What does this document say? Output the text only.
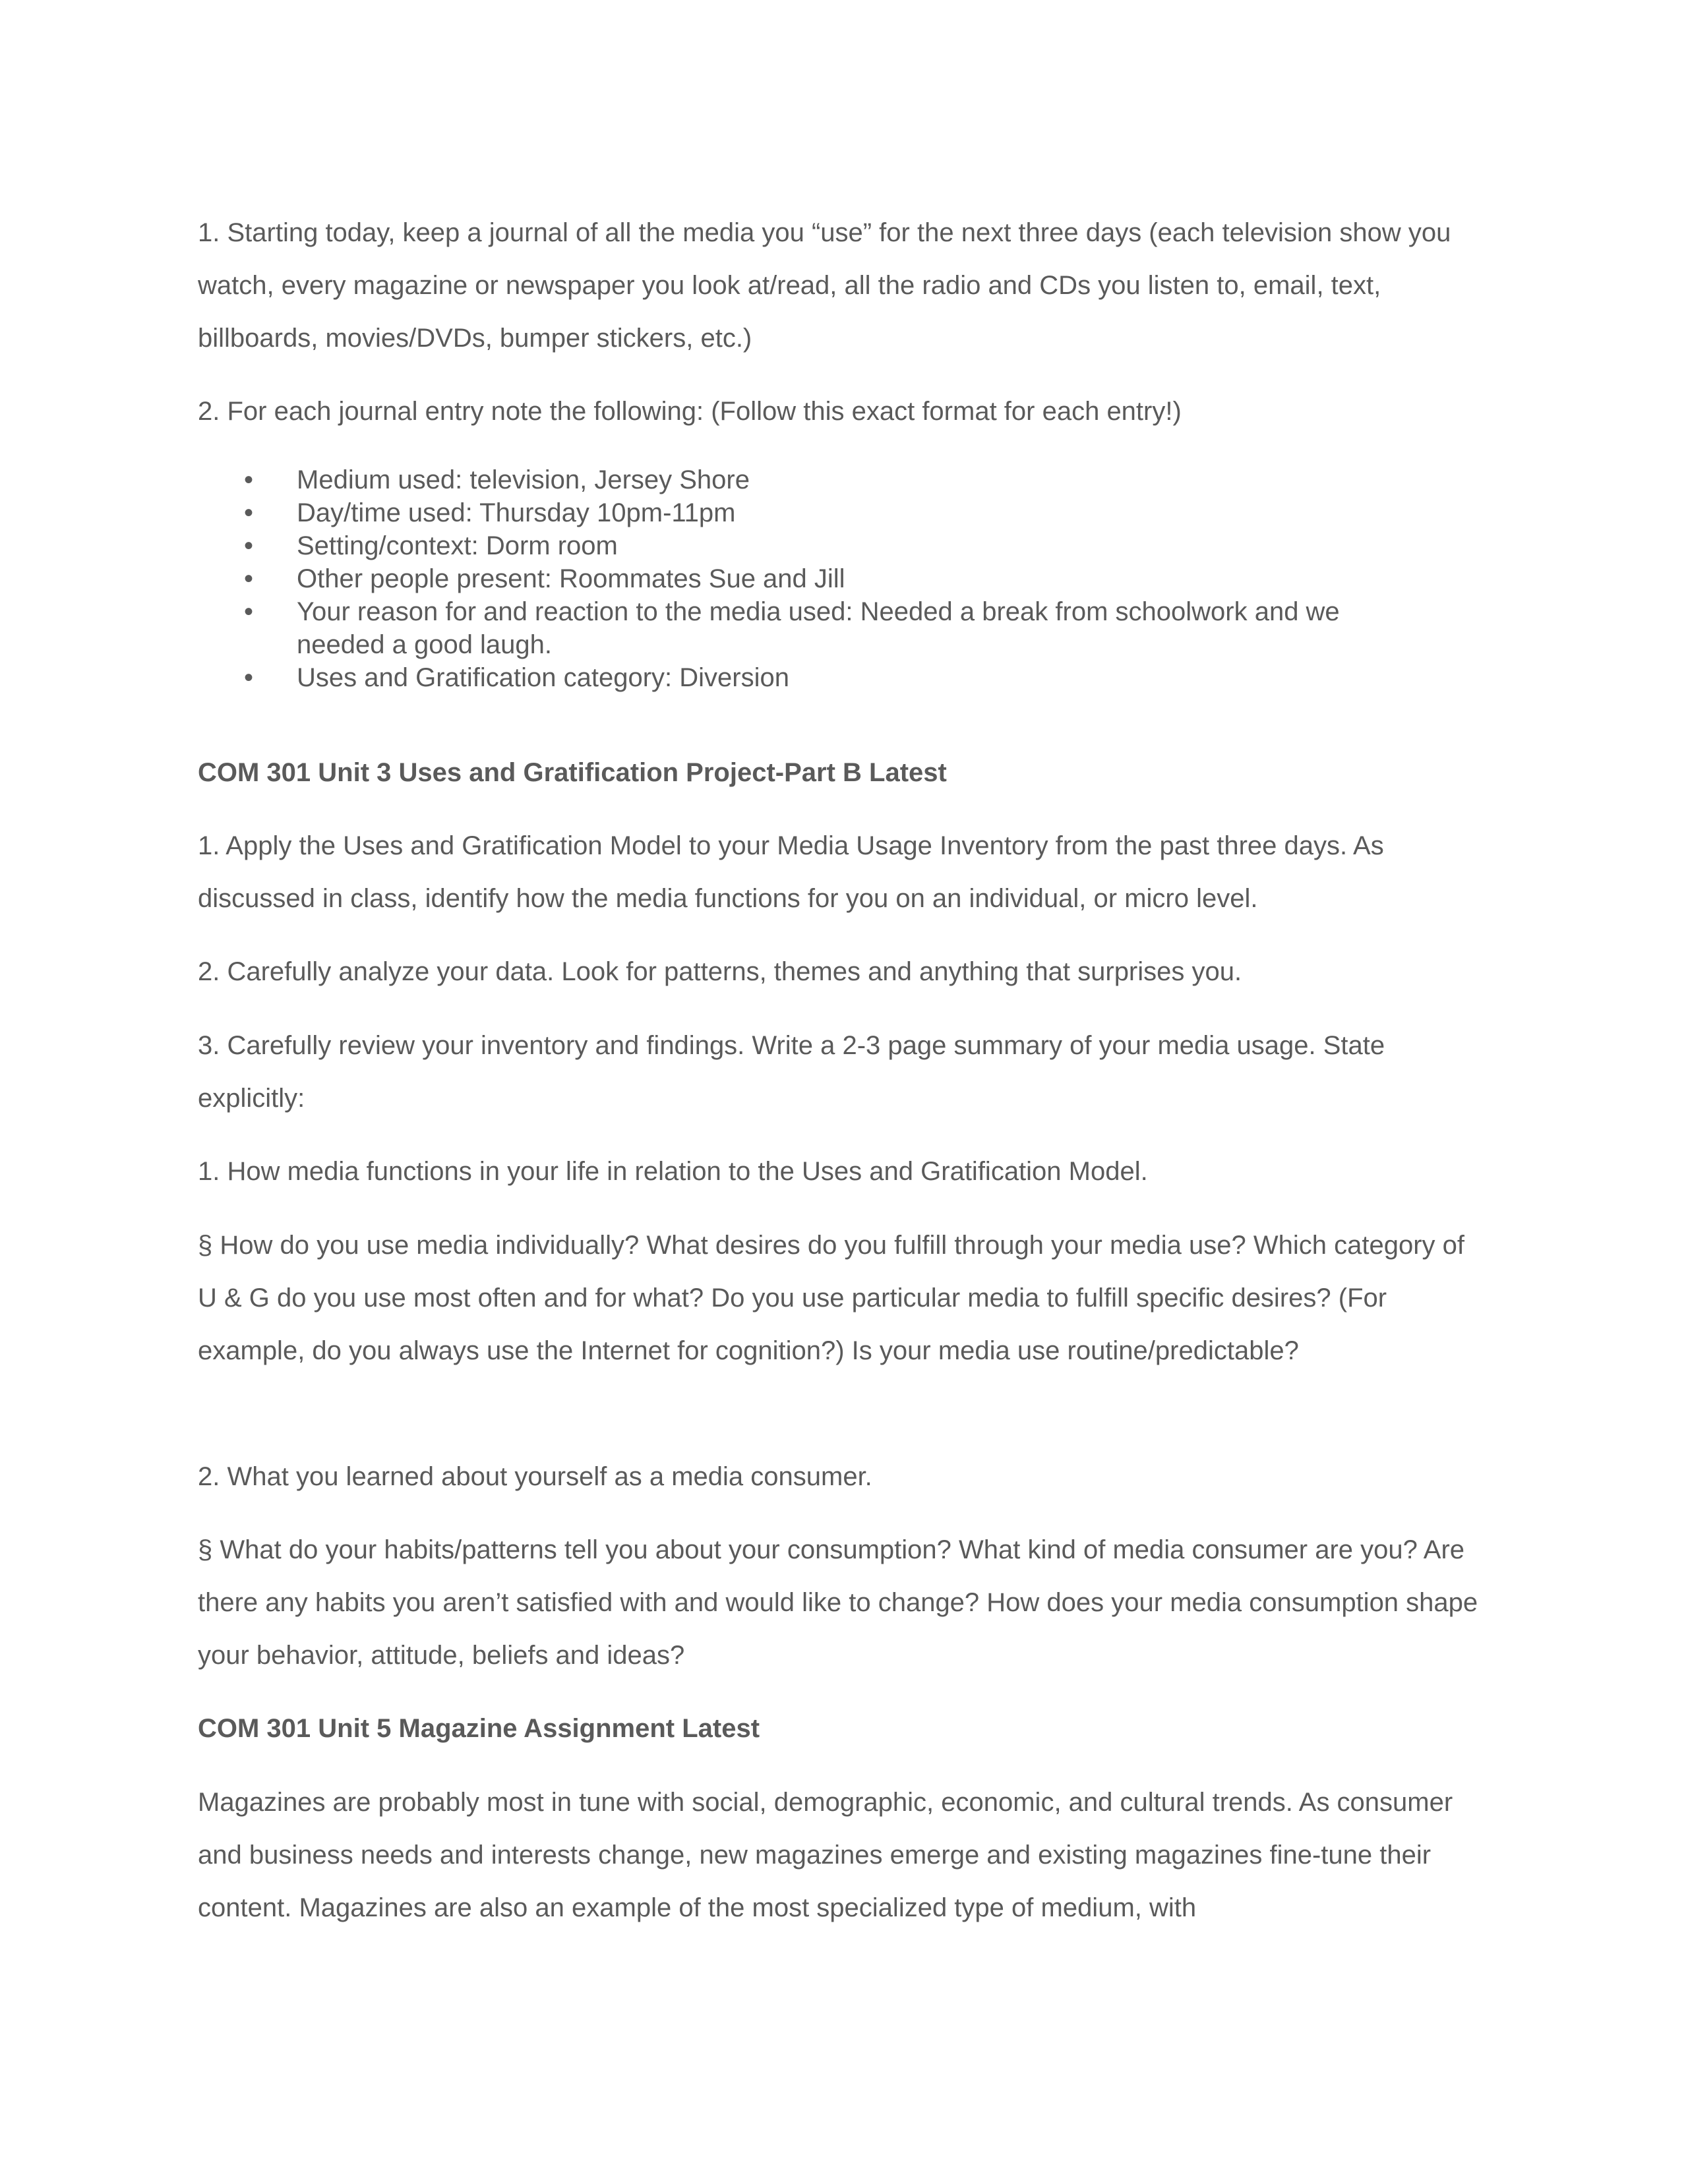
1. Starting today, keep a journal of all the media you “use” for the next three days (each television show you watch, every magazine or newspaper you look at/read, all the radio and CDs you listen to, email, text, billboards, movies/DVDs, bumper stickers, etc.)

2. For each journal entry note the following: (Follow this exact format for each entry!)

•	Medium used: television, Jersey Shore
•	Day/time used: Thursday 10pm-11pm
•	Setting/context: Dorm room
•	Other people present: Roommates Sue and Jill
•	Your reason for and reaction to the media used: Needed a break from schoolwork and we needed a good laugh.
•	Uses and Gratification category: Diversion
COM 301 Unit 3 Uses and Gratification Project-Part B Latest

1. Apply the Uses and Gratification Model to your Media Usage Inventory from the past three days. As discussed in class, identify how the media functions for you on an individual, or micro level.

2. Carefully analyze your data. Look for patterns, themes and anything that surprises you.

3. Carefully review your inventory and findings. Write a 2-3 page summary of your media usage. State explicitly:

1. How media functions in your life in relation to the Uses and Gratification Model.

§ How do you use media individually? What desires do you fulfill through your media use? Which category of U & G do you use most often and for what? Do you use particular media to fulfill specific desires? (For example, do you always use the Internet for cognition?) Is your media use routine/predictable?

2. What you learned about yourself as a media consumer.

§ What do your habits/patterns tell you about your consumption? What kind of media consumer are you? Are there any habits you aren’t satisfied with and would like to change? How does your media consumption shape your behavior, attitude, beliefs and ideas?

COM 301 Unit 5 Magazine Assignment Latest

Magazines are probably most in tune with social, demographic, economic, and cultural trends. As consumer and business needs and interests change, new magazines emerge and existing magazines fine-tune their content. Magazines are also an example of the most specialized type of medium, with
